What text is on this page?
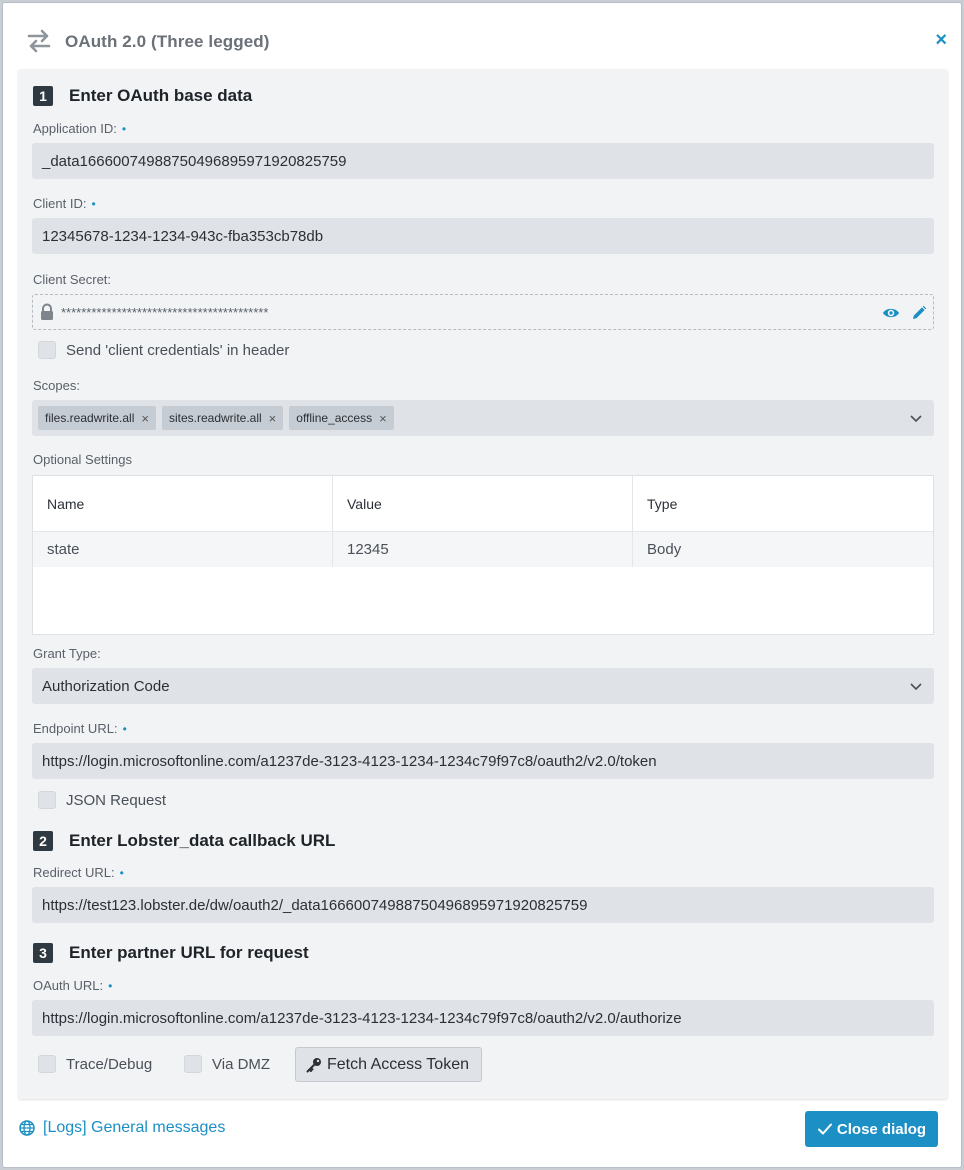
OAuth 2.0 (Three legged)	×
1	Enter OAuth base data
Application ID: •
_data1666007498875049689597192082575​9
Client ID: •
12345678-1234-1234-943c-fba353cb78db
Client Secret:
*****************************************
Send 'client credentials' in header
Scopes:
files.readwrite.all × sites.readwrite.all × offline_access ×
Optional Settings
Name	Value	Type
state	12345	Body
Grant Type:
Authorization Code
Endpoint URL: •
https://login.microsoftonline.com/a1237de-3123-4123-1234-1234c79f97c8/oauth2/v2.0/token
JSON Request
2	Enter Lobster_data callback URL
Redirect URL: •
https://test123.lobster.de/dw/oauth2/_data1666007498875049689597192082575​9
3	Enter partner URL for request
OAuth URL: •
https://login.microsoftonline.com/a1237de-3123-4123-1234-1234c79f97c8/oauth2/v2.0/authorize
Trace/Debug	Via DMZ	Fetch Access Token
[Logs] General messages	Close dialog
